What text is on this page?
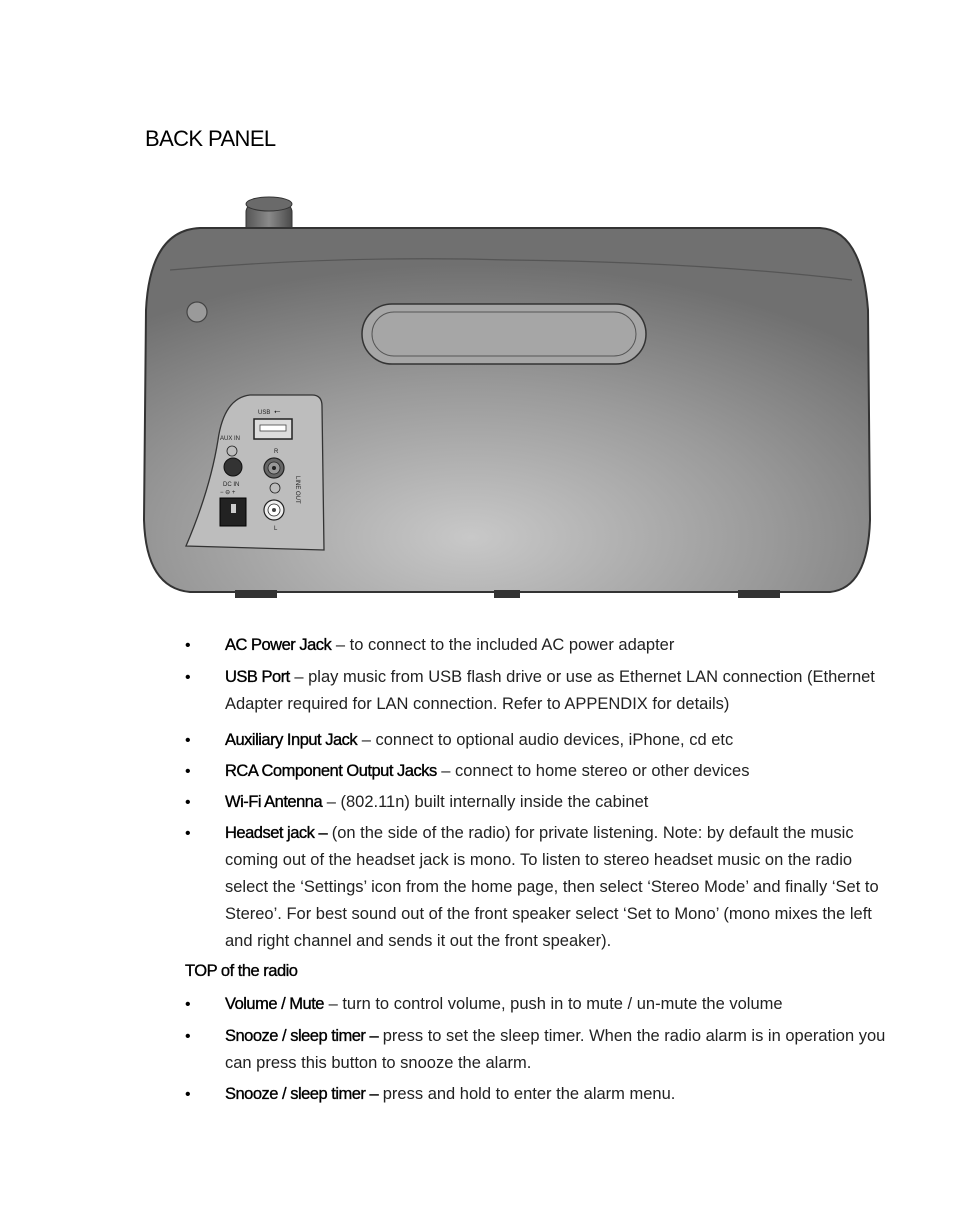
BACK PANEL
USB ⭠
AUX IN
DC IN
− ⊖ +
R
L
LINE OUT
• AC Power Jack – to connect to the included AC power adapter
• USB Port – play music from USB flash drive or use as Ethernet LAN connection (Ethernet Adapter required for LAN connection. Refer to APPENDIX for details)
• Auxiliary Input Jack – connect to optional audio devices, iPhone, cd etc
• RCA Component Output Jacks – connect to home stereo or other devices
• Wi-Fi Antenna – (802.11n) built internally inside the cabinet
• Headset jack – (on the side of the radio) for private listening. Note: by default the music coming out of the headset jack is mono. To listen to stereo headset music on the radio select the ‘Settings’ icon from the home page, then select ‘Stereo Mode’ and finally ‘Set to Stereo’. For best sound out of the front speaker select ‘Set to Mono’ (mono mixes the left and right channel and sends it out the front speaker).
TOP of the radio
• Volume / Mute – turn to control volume, push in to mute / un-mute the volume
• Snooze / sleep timer – press to set the sleep timer. When the radio alarm is in operation you can press this button to snooze the alarm.
• Snooze / sleep timer – press and hold to enter the alarm menu.
